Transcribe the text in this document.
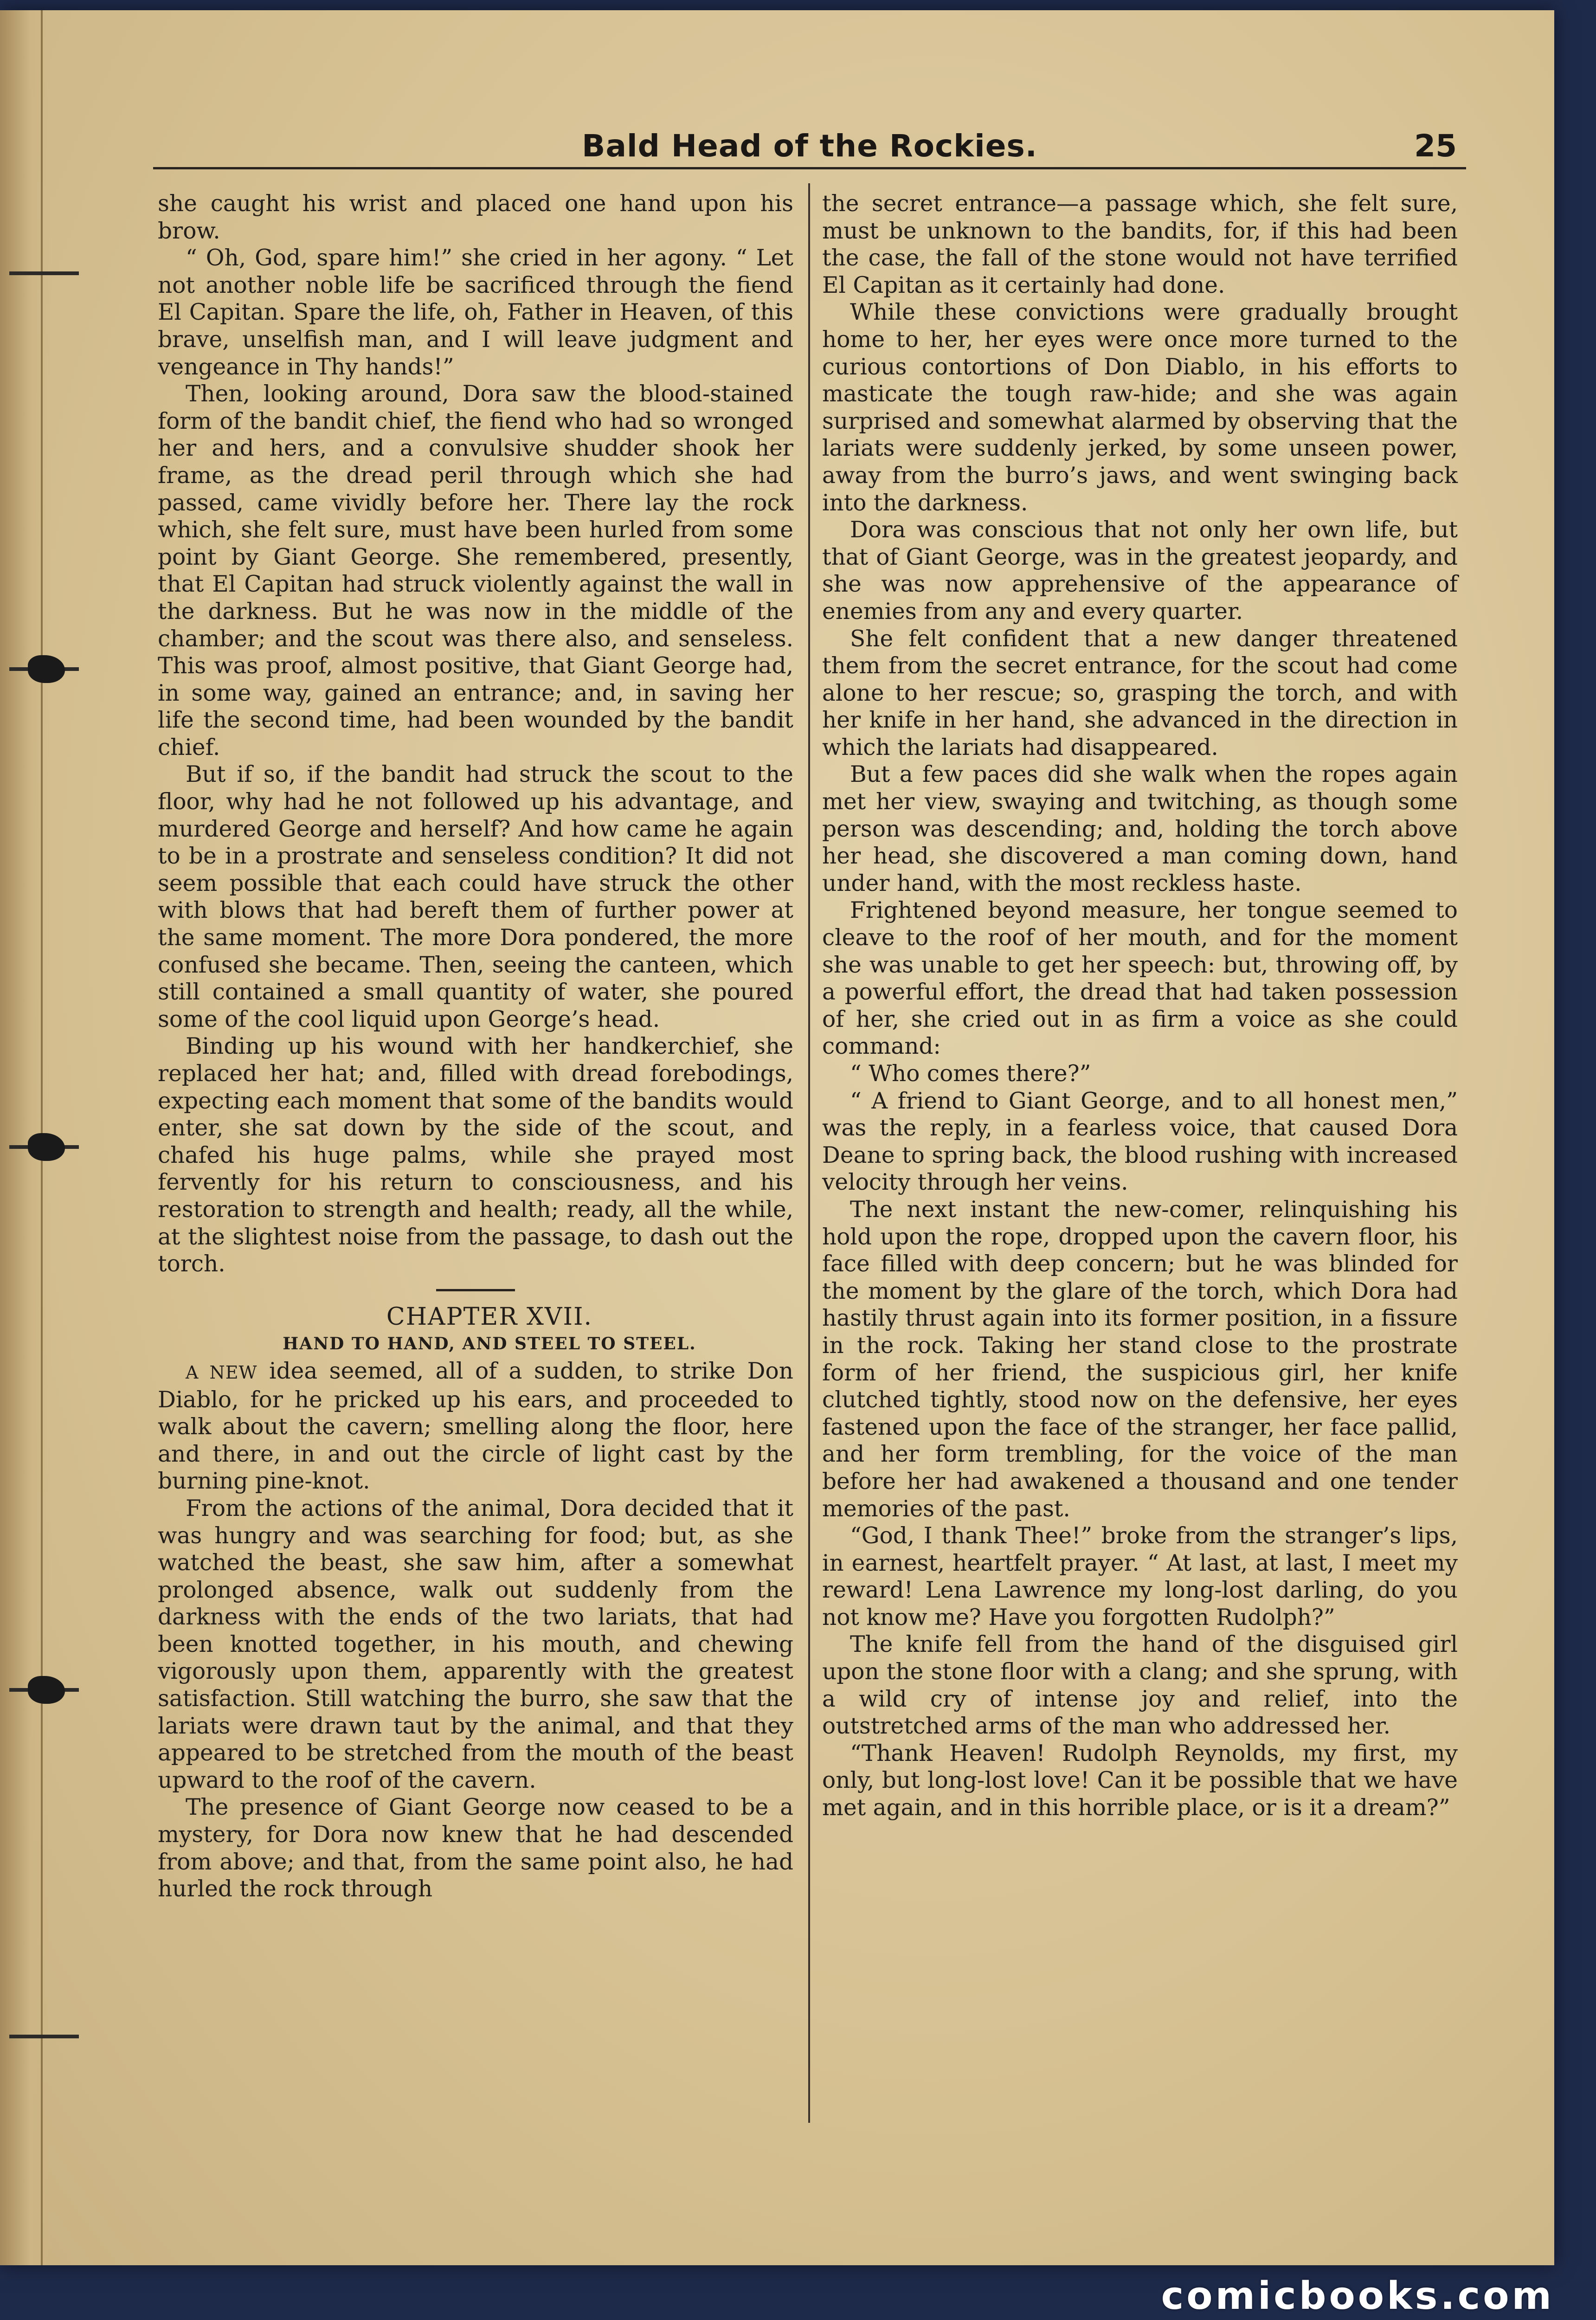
Bald Head of the Rockies.	25

she caught his wrist and placed one hand upon his brow.

“ Oh, God, spare him!” she cried in her agony. “ Let not another noble life be sacrificed through the fiend El Capitan. Spare the life, oh, Father in Heaven, of this brave, unselfish man, and I will leave judgment and vengeance in Thy hands!”

Then, looking around, Dora saw the blood-stained form of the bandit chief, the fiend who had so wronged her and hers, and a convulsive shudder shook her frame, as the dread peril through which she had passed, came vividly before her. There lay the rock which, she felt sure, must have been hurled from some point by Giant George. She remembered, presently, that El Capitan had struck violently against the wall in the darkness. But he was now in the middle of the chamber; and the scout was there also, and senseless. This was proof, almost positive, that Giant George had, in some way, gained an entrance; and, in saving her life the second time, had been wounded by the bandit chief.

But if so, if the bandit had struck the scout to the floor, why had he not followed up his advantage, and murdered George and herself? And how came he again to be in a prostrate and senseless condition? It did not seem possible that each could have struck the other with blows that had bereft them of further power at the same moment. The more Dora pondered, the more confused she became. Then, seeing the canteen, which still contained a small quantity of water, she poured some of the cool liquid upon George’s head.

Binding up his wound with her handkerchief, she replaced her hat; and, filled with dread forebodings, expecting each moment that some of the bandits would enter, she sat down by the side of the scout, and chafed his huge palms, while she prayed most fervently for his return to consciousness, and his restoration to strength and health; ready, all the while, at the slightest noise from the passage, to dash out the torch.

CHAPTER XVII.

HAND TO HAND, AND STEEL TO STEEL.

A NEW idea seemed, all of a sudden, to strike Don Diablo, for he pricked up his ears, and proceeded to walk about the cavern; smelling along the floor, here and there, in and out the circle of light cast by the burning pine-knot.

From the actions of the animal, Dora decided that it was hungry and was searching for food; but, as she watched the beast, she saw him, after a somewhat prolonged absence, walk out suddenly from the darkness with the ends of the two lariats, that had been knotted together, in his mouth, and chewing vigorously upon them, apparently with the greatest satisfaction. Still watching the burro, she saw that the lariats were drawn taut by the animal, and that they appeared to be stretched from the mouth of the beast upward to the roof of the cavern.

The presence of Giant George now ceased to be a mystery, for Dora now knew that he had descended from above; and that, from the same point also, he had hurled the rock through

the secret entrance—a passage which, she felt sure, must be unknown to the bandits, for, if this had been the case, the fall of the stone would not have terrified El Capitan as it certainly had done.

While these convictions were gradually brought home to her, her eyes were once more turned to the curious contortions of Don Diablo, in his efforts to masticate the tough raw-hide; and she was again surprised and somewhat alarmed by observing that the lariats were suddenly jerked, by some unseen power, away from the burro’s jaws, and went swinging back into the darkness.

Dora was conscious that not only her own life, but that of Giant George, was in the greatest jeopardy, and she was now apprehensive of the appearance of enemies from any and every quarter.

She felt confident that a new danger threatened them from the secret entrance, for the scout had come alone to her rescue; so, grasping the torch, and with her knife in her hand, she advanced in the direction in which the lariats had disappeared.

But a few paces did she walk when the ropes again met her view, swaying and twitching, as though some person was descending; and, holding the torch above her head, she discovered a man coming down, hand under hand, with the most reckless haste.

Frightened beyond measure, her tongue seemed to cleave to the roof of her mouth, and for the moment she was unable to get her speech: but, throwing off, by a powerful effort, the dread that had taken possession of her, she cried out in as firm a voice as she could command:

“ Who comes there?”

“ A friend to Giant George, and to all honest men,” was the reply, in a fearless voice, that caused Dora Deane to spring back, the blood rushing with increased velocity through her veins.

The next instant the new-comer, relinquishing his hold upon the rope, dropped upon the cavern floor, his face filled with deep concern; but he was blinded for the moment by the glare of the torch, which Dora had hastily thrust again into its former position, in a fissure in the rock. Taking her stand close to the prostrate form of her friend, the suspicious girl, her knife clutched tightly, stood now on the defensive, her eyes fastened upon the face of the stranger, her face pallid, and her form trembling, for the voice of the man before her had awakened a thousand and one tender memories of the past.

“God, I thank Thee!” broke from the stranger’s lips, in earnest, heartfelt prayer. “ At last, at last, I meet my reward! Lena Lawrence my long-lost darling, do you not know me? Have you forgotten Rudolph?”

The knife fell from the hand of the disguised girl upon the stone floor with a clang; and she sprung, with a wild cry of intense joy and relief, into the outstretched arms of the man who addressed her.

“Thank Heaven! Rudolph Reynolds, my first, my only, but long-lost love! Can it be possible that we have met again, and in this horrible place, or is it a dream?”

comicbooks.com
